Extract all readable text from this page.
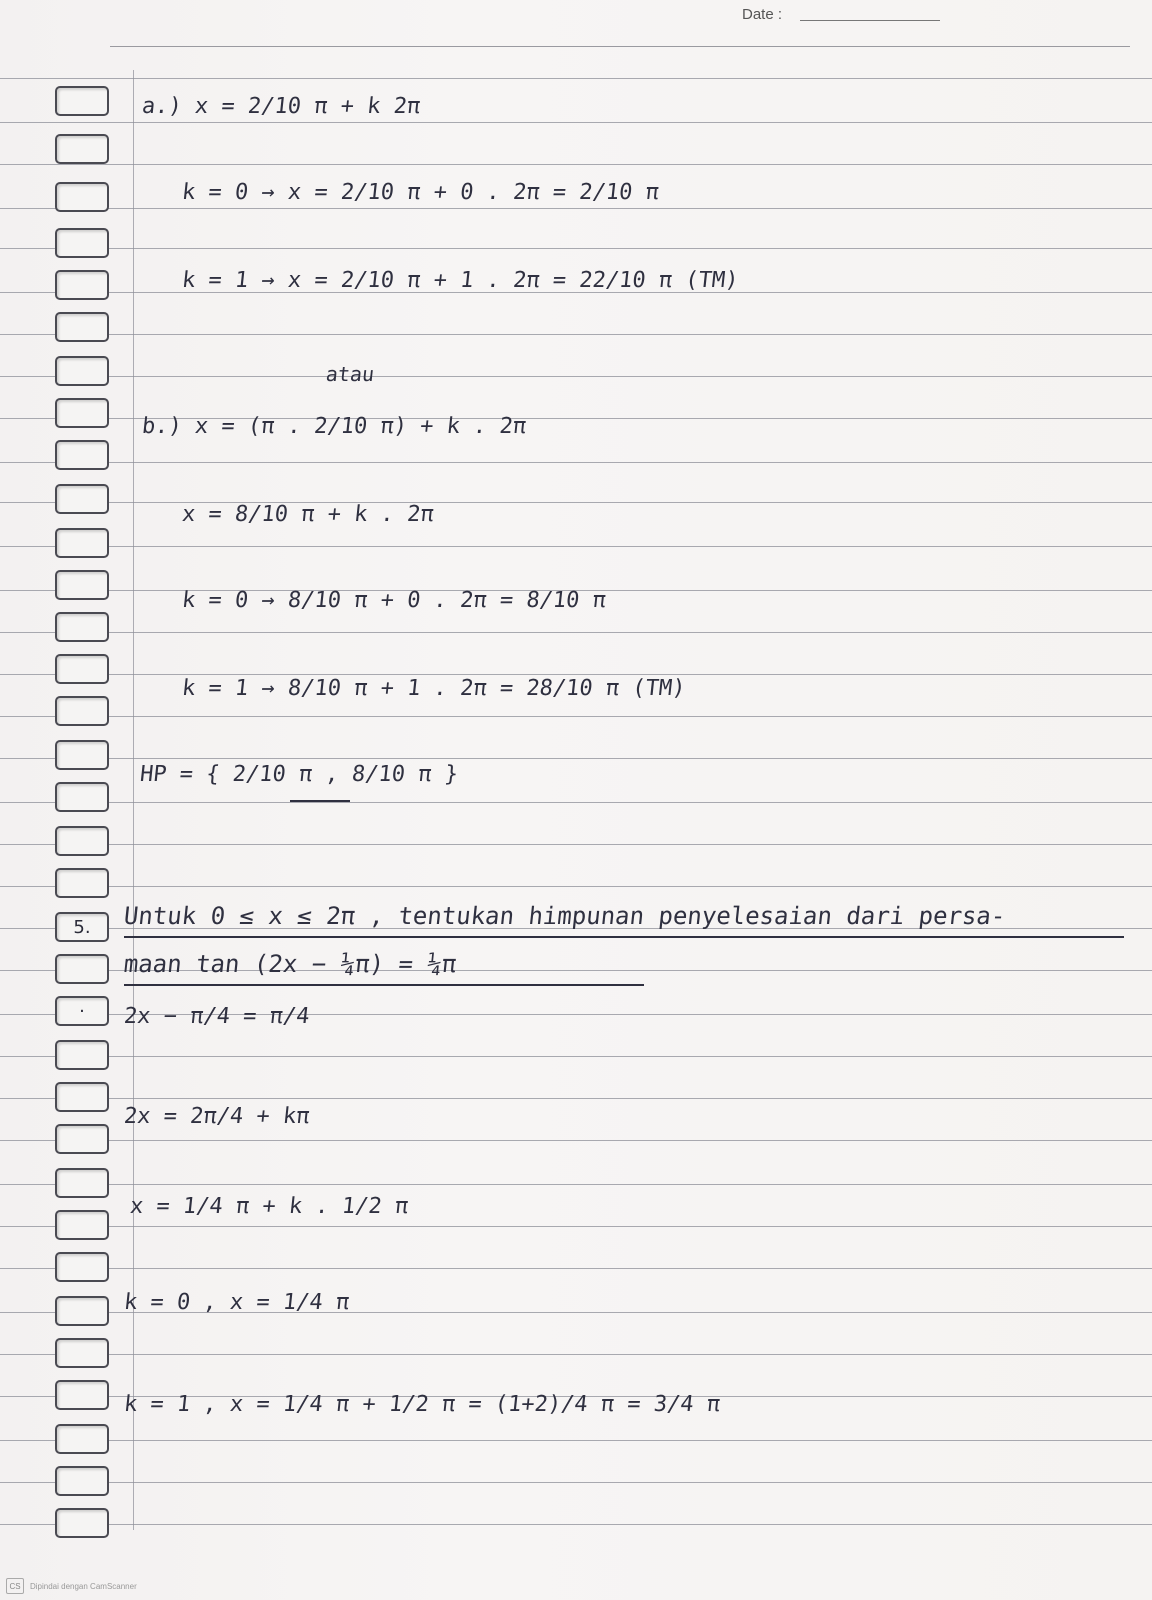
Date :
5.
·
a.) x = 2/10 π + k 2π
k = 0 → x = 2/10 π + 0 . 2π = 2/10 π
k = 1 → x = 2/10 π + 1 . 2π = 22/10 π (TM)
atau
b.) x = (π . 2/10 π) + k . 2π
x = 8/10 π + k . 2π
k = 0 → 8/10 π + 0 . 2π = 8/10 π
k = 1 → 8/10 π + 1 . 2π = 28/10 π (TM)
HP = { 2/10 π , 8/10 π }
Untuk 0 ≤ x ≤ 2π , tentukan himpunan penyelesaian dari persa-
maan tan (2x − ¼π) = ¼π
2x − π/4 = π/4
2x = 2π/4 + kπ
x = 1/4 π + k . 1/2 π
k = 0 , x = 1/4 π
k = 1 , x = 1/4 π + 1/2 π = (1+2)/4 π = 3/4 π
CS	Dipindai dengan CamScanner
